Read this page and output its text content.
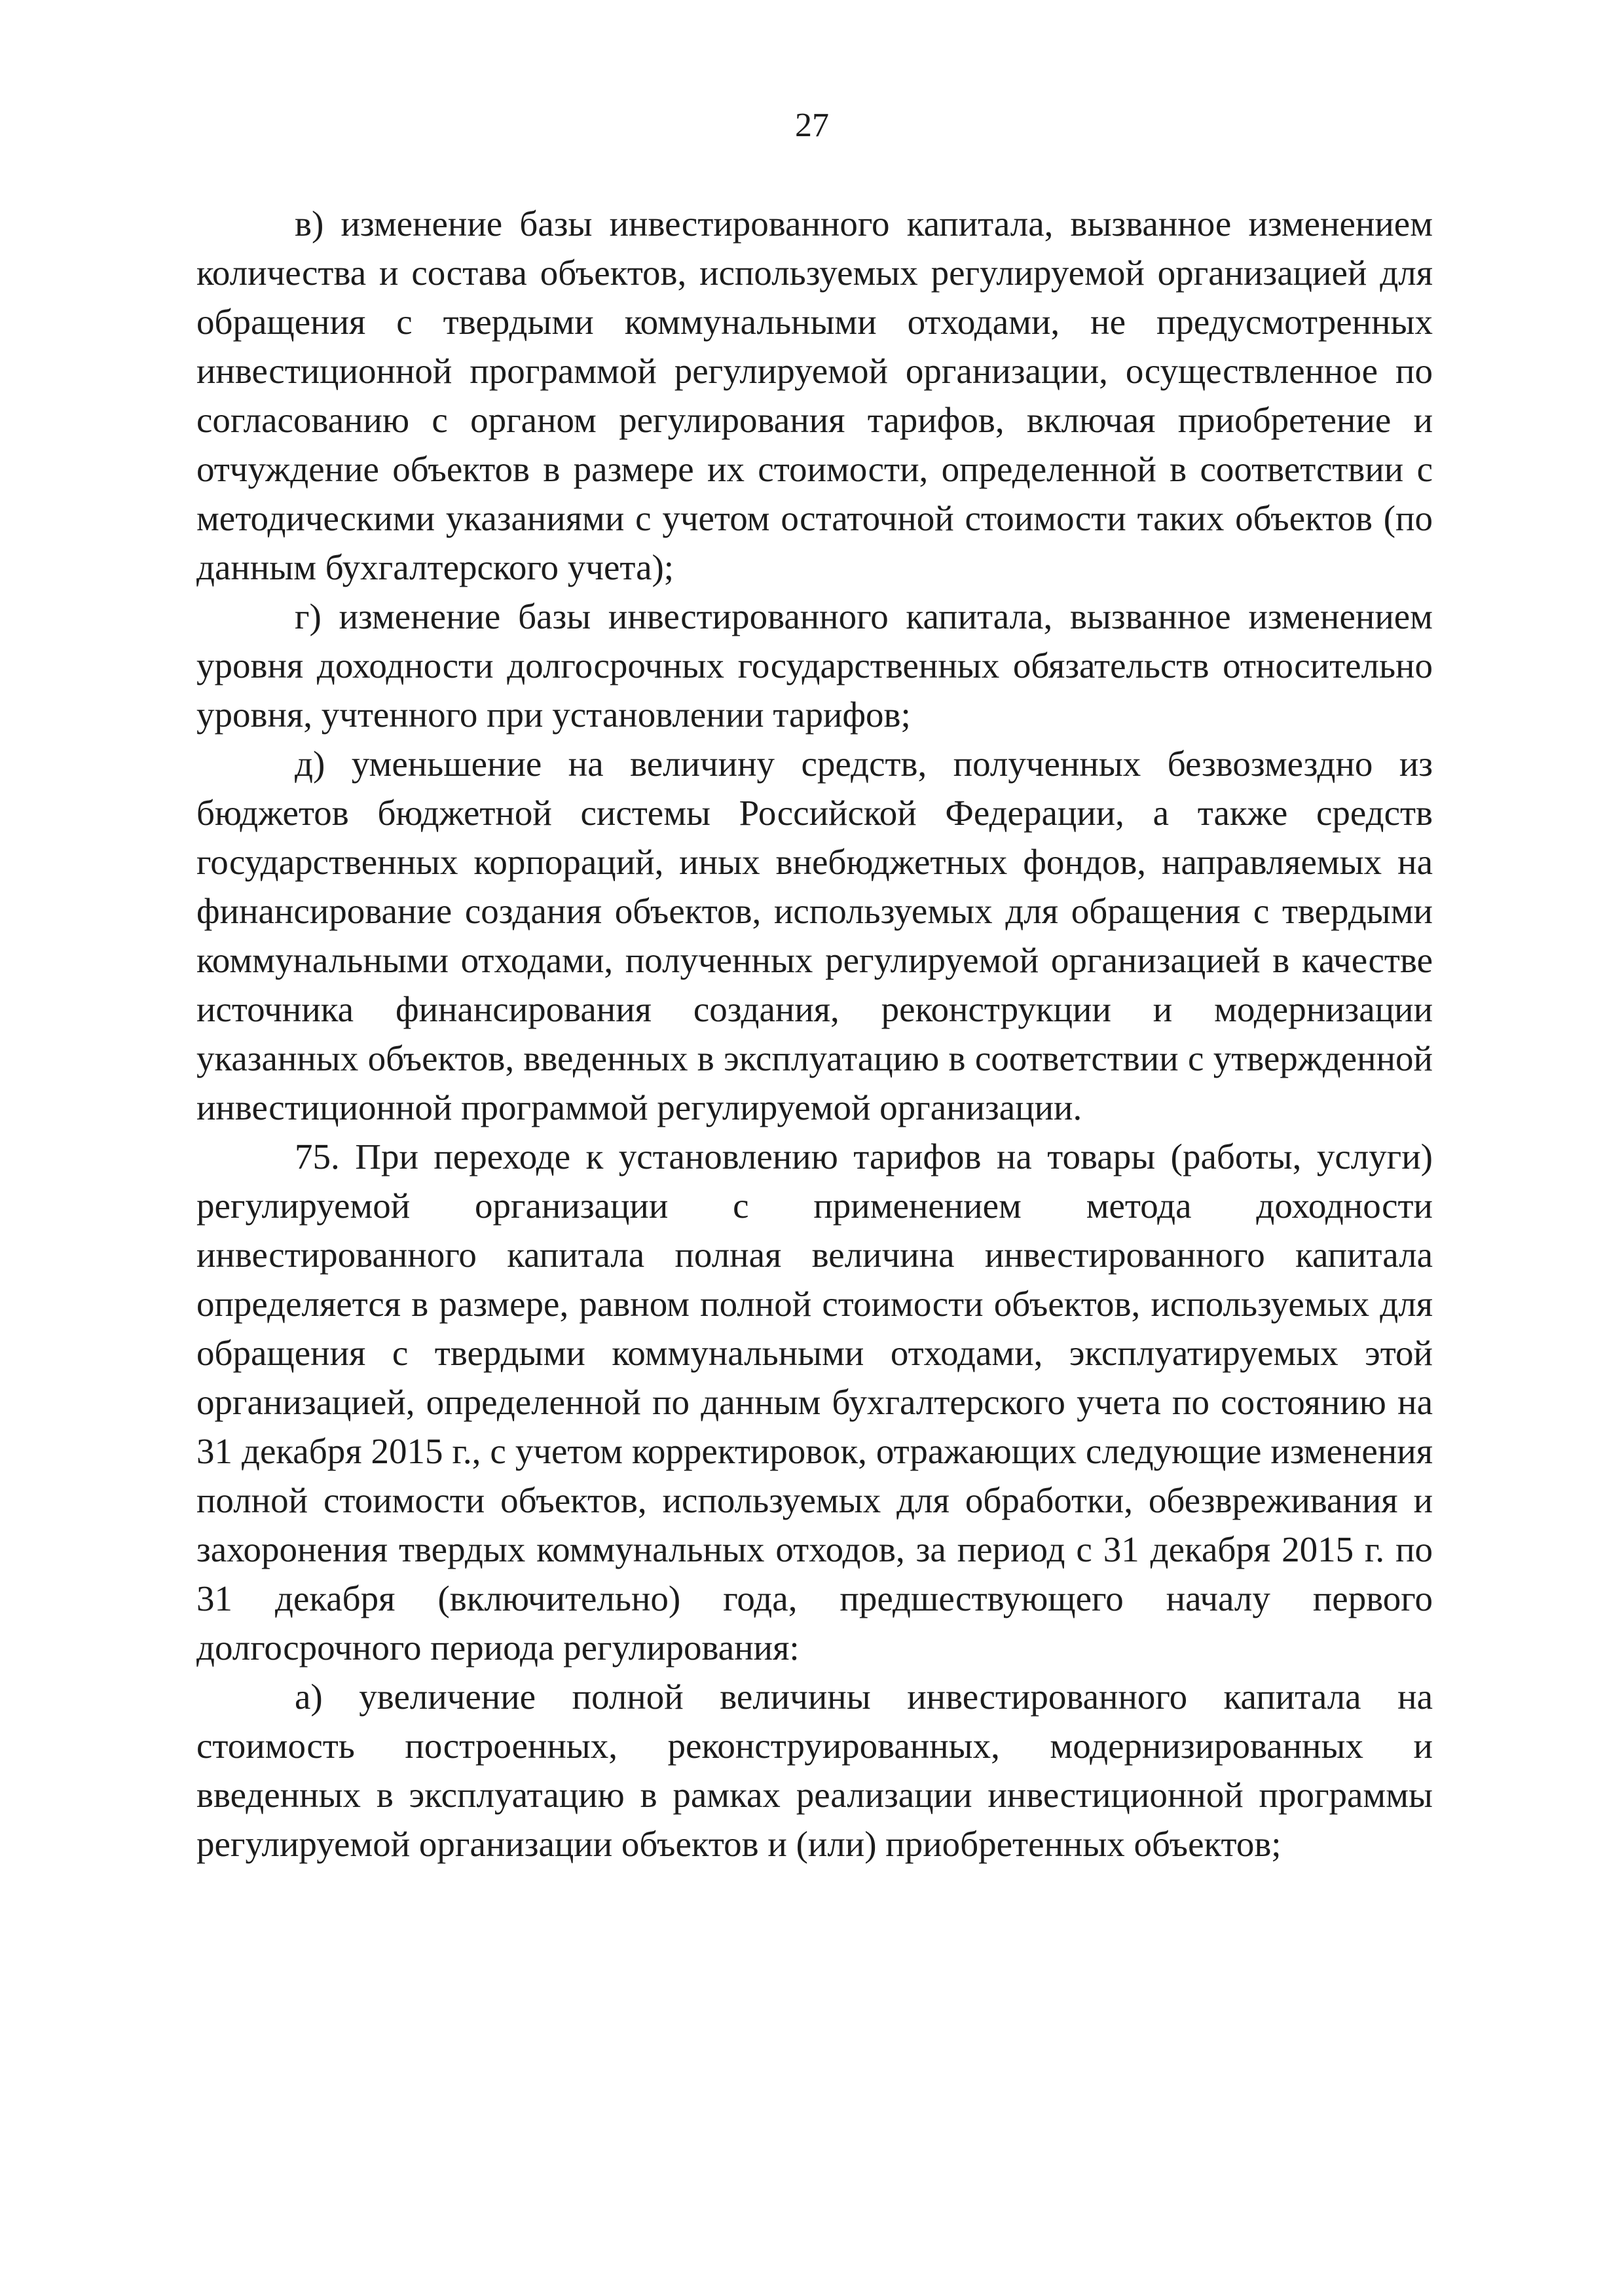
27

в) изменение базы инвестированного капитала, вызванное изменением количества и состава объектов, используемых регулируемой организацией для обращения с твердыми коммунальными отходами, не предусмотренных инвестиционной программой регулируемой организации, осуществленное по согласованию с органом регулирования тарифов, включая приобретение и отчуждение объектов в размере их стоимости, определенной в соответствии с методическими указаниями с учетом остаточной стоимости таких объектов (по данным бухгалтерского учета);

г) изменение базы инвестированного капитала, вызванное изменением уровня доходности долгосрочных государственных обязательств относительно уровня, учтенного при установлении тарифов;

д) уменьшение на величину средств, полученных безвозмездно из бюджетов бюджетной системы Российской Федерации, а также средств государственных корпораций, иных внебюджетных фондов, направляемых на финансирование создания объектов, используемых для обращения с твердыми коммунальными отходами, полученных регулируемой организацией в качестве источника финансирования создания, реконструкции и модернизации указанных объектов, введенных в эксплуатацию в соответствии с утвержденной инвестиционной программой регулируемой организации.

75. При переходе к установлению тарифов на товары (работы, услуги) регулируемой организации с применением метода доходности инвестированного капитала полная величина инвестированного капитала определяется в размере, равном полной стоимости объектов, используемых для обращения с твердыми коммунальными отходами, эксплуатируемых этой организацией, определенной по данным бухгалтерского учета по состоянию на 31 декабря 2015 г., с учетом корректировок, отражающих следующие изменения полной стоимости объектов, используемых для обработки, обезвреживания и захоронения твердых коммунальных отходов, за период с 31 декабря 2015 г. по 31 декабря (включительно) года, предшествующего началу первого долгосрочного периода регулирования:

а) увеличение полной величины инвестированного капитала на стоимость построенных, реконструированных, модернизированных и введенных в эксплуатацию в рамках реализации инвестиционной программы регулируемой организации объектов и (или) приобретенных объектов;
